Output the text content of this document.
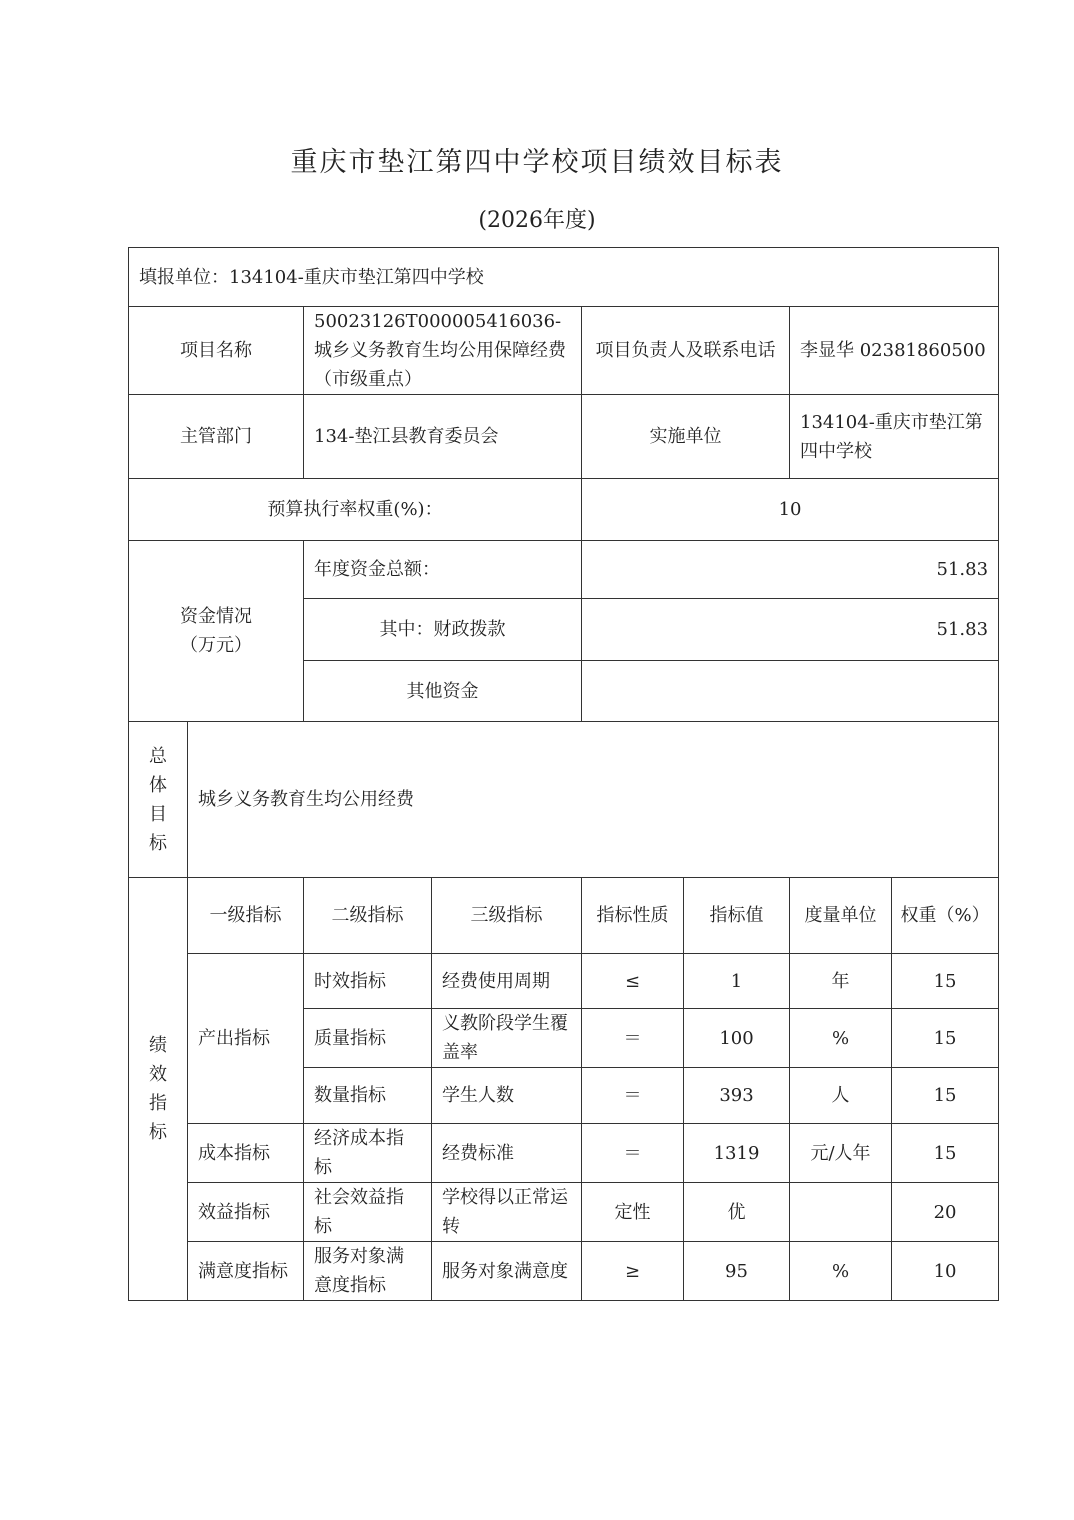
重庆市垫江第四中学校项目绩效目标表
(2026年度)
填报单位：134104-重庆市垫江第四中学校							
项目名称		50023126T000005416036-城乡义务教育生均公用保障经费（市级重点）		项目负责人及联系电话		李显华 02381860500	
主管部门		134-垫江县教育委员会		实施单位		134104-重庆市垫江第四中学校	
预算执行率权重(%)：				10			
资金情况（万元）		年度资金总额：		51.83			
		其中：财政拨款		51.83			
		其他资金					

总体目标	城乡义务教育生均公用经费						

绩效指标	一级指标	二级指标	三级指标	指标性质	指标值	度量单位	权重（%）
	产出指标	时效指标	经费使用周期	≤	1	年	15
		质量指标	义教阶段学生覆盖率	＝	100	%	15
		数量指标	学生人数	＝	393	人	15
	成本指标	经济成本指标	经费标准	＝	1319	元/人年	15
	效益指标	社会效益指标	学校得以正常运转	定性	优		20
	满意度指标	服务对象满意度指标	服务对象满意度	≥	95	%	10
